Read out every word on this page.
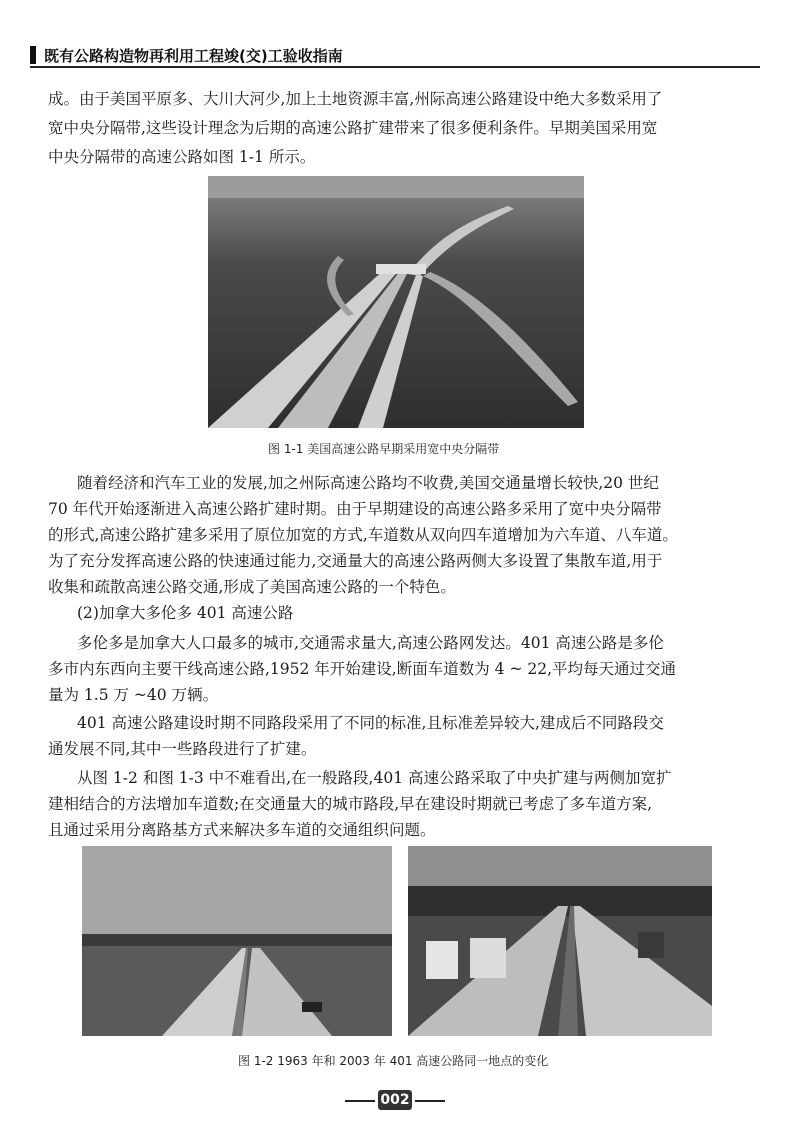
既有公路构造物再利用工程竣(交)工验收指南

成。由于美国平原多、大川大河少,加上土地资源丰富,州际高速公路建设中绝大多数采用了

宽中央分隔带,这些设计理念为后期的高速公路扩建带来了很多便利条件。早期美国采用宽

中央分隔带的高速公路如图 1-1 所示。

图 1-1 美国高速公路早期采用宽中央分隔带

随着经济和汽车工业的发展,加之州际高速公路均不收费,美国交通量增长较快,20 世纪

70 年代开始逐渐进入高速公路扩建时期。由于早期建设的高速公路多采用了宽中央分隔带

的形式,高速公路扩建多采用了原位加宽的方式,车道数从双向四车道增加为六车道、八车道。

为了充分发挥高速公路的快速通过能力,交通量大的高速公路两侧大多设置了集散车道,用于

收集和疏散高速公路交通,形成了美国高速公路的一个特色。

(2)加拿大多伦多 401 高速公路

多伦多是加拿大人口最多的城市,交通需求量大,高速公路网发达。401 高速公路是多伦

多市内东西向主要干线高速公路,1952 年开始建设,断面车道数为 4 ~ 22,平均每天通过交通

量为 1.5 万 ~40 万辆。

401 高速公路建设时期不同路段采用了不同的标准,且标准差异较大,建成后不同路段交

通发展不同,其中一些路段进行了扩建。

从图 1-2 和图 1-3 中不难看出,在一般路段,401 高速公路采取了中央扩建与两侧加宽扩

建相结合的方法增加车道数;在交通量大的城市路段,早在建设时期就已考虑了多车道方案,

且通过采用分离路基方式来解决多车道的交通组织问题。

图 1-2 1963 年和 2003 年 401 高速公路同一地点的变化
002
